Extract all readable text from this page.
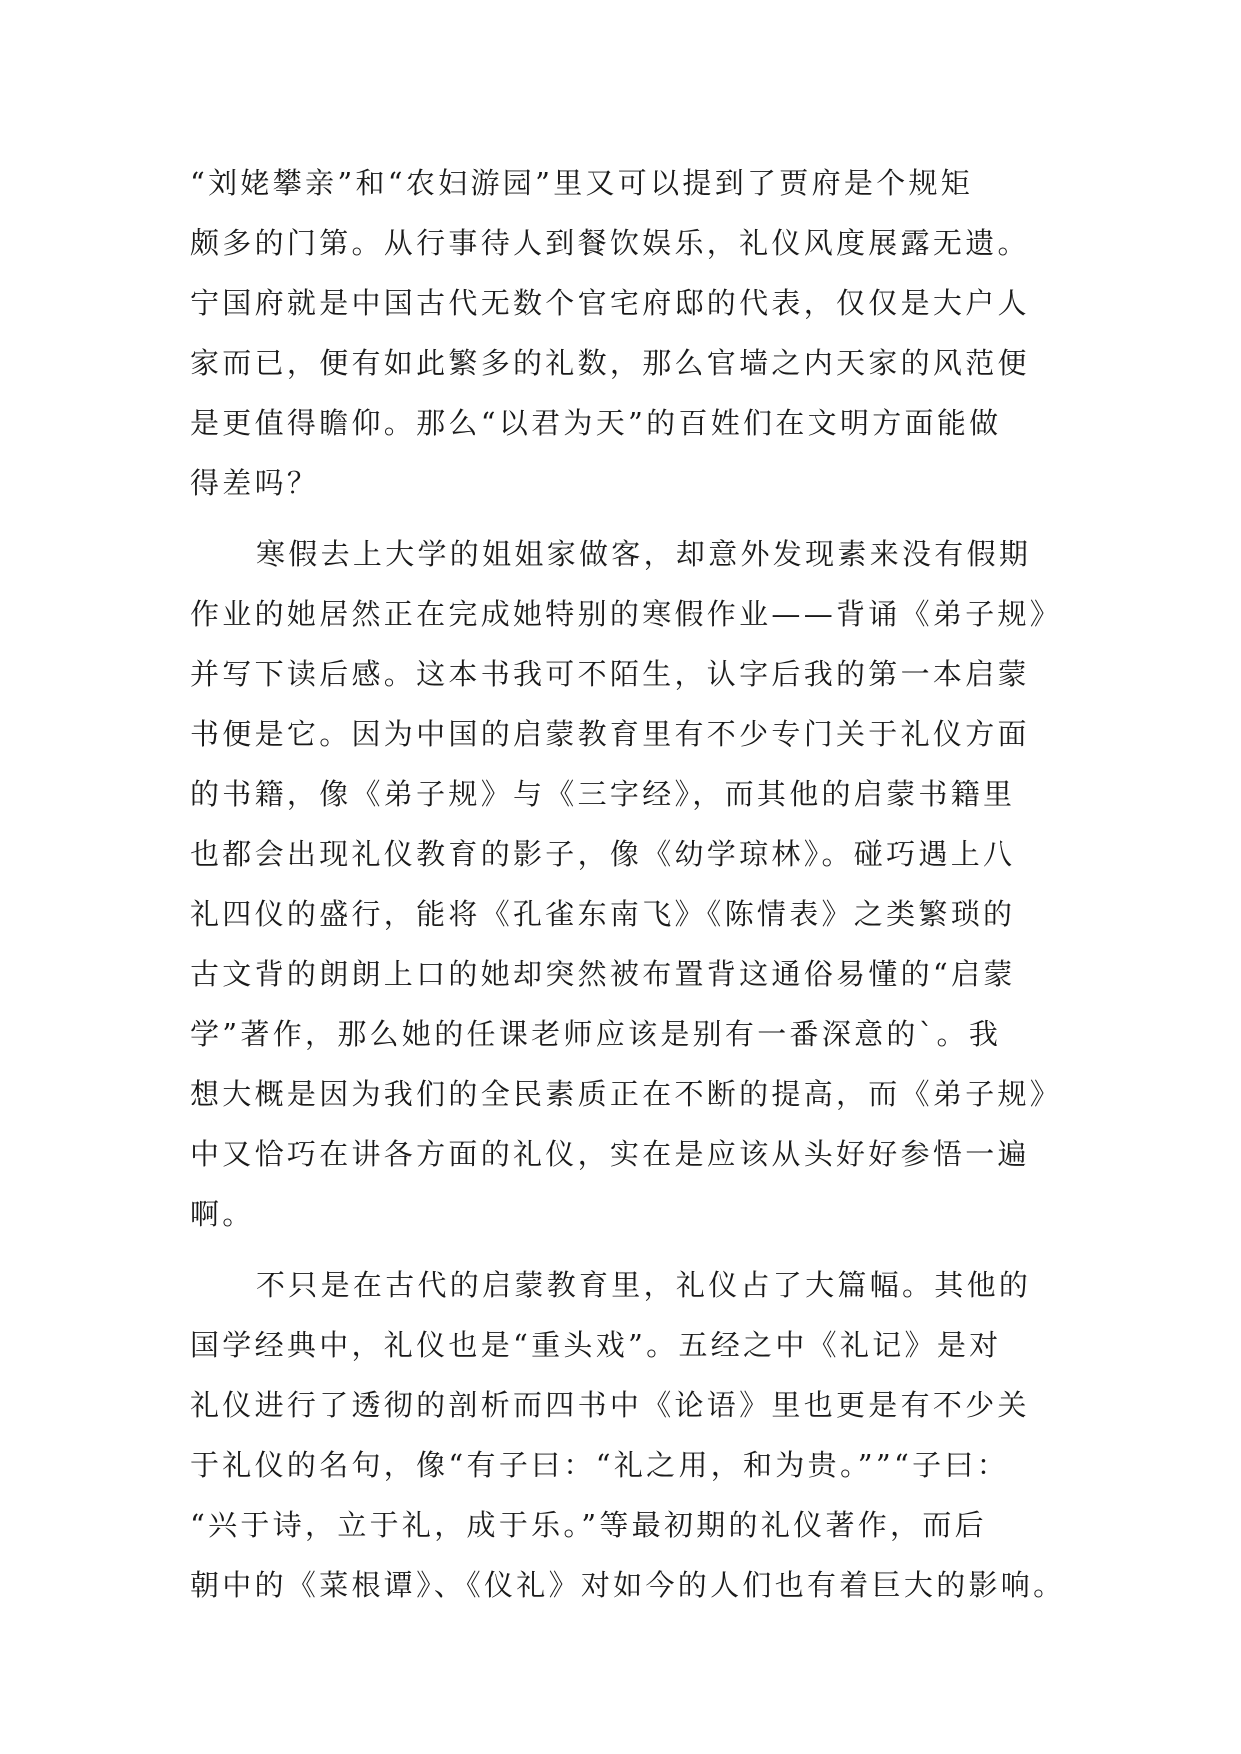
“刘姥攀亲”和“农妇游园”里又可以提到了贾府是个规矩
颇多的门第。从行事待人到餐饮娱乐，礼仪风度展露无遗。
宁国府就是中国古代无数个官宅府邸的代表，仅仅是大户人
家而已，便有如此繁多的礼数，那么官墙之内天家的风范便
是更值得瞻仰。那么“以君为天”的百姓们在文明方面能做
得差吗？
寒假去上大学的姐姐家做客，却意外发现素来没有假期
作业的她居然正在完成她特别的寒假作业——背诵《弟子规》
并写下读后感。这本书我可不陌生，认字后我的第一本启蒙
书便是它。因为中国的启蒙教育里有不少专门关于礼仪方面
的书籍，像《弟子规》与《三字经》，而其他的启蒙书籍里
也都会出现礼仪教育的影子，像《幼学琼林》。碰巧遇上八
礼四仪的盛行，能将《孔雀东南飞》《陈情表》之类繁琐的
古文背的朗朗上口的她却突然被布置背这通俗易懂的“启蒙
学”著作，那么她的任课老师应该是别有一番深意的`。我
想大概是因为我们的全民素质正在不断的提高，而《弟子规》
中又恰巧在讲各方面的礼仪，实在是应该从头好好参悟一遍
啊。
不只是在古代的启蒙教育里，礼仪占了大篇幅。其他的
国学经典中，礼仪也是“重头戏”。五经之中《礼记》是对
礼仪进行了透彻的剖析而四书中《论语》里也更是有不少关
于礼仪的名句，像“有子曰：“礼之用，和为贵。””“子曰：
“兴于诗，立于礼，成于乐。”等最初期的礼仪著作，而后
朝中的《菜根谭》、《仪礼》对如今的人们也有着巨大的影响。
